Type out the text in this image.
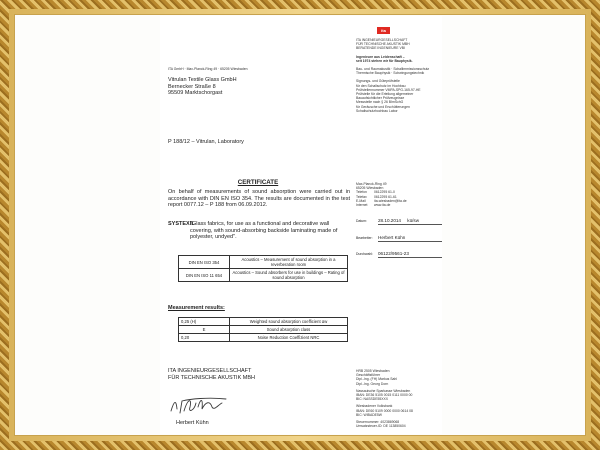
ITA GmbH · Max-Planck-Ring 49 · 65205 Wiesbaden
Vitrulan Textile Glass GmbH
Bernecker Straße 8
95509 Marktschorgast
P 188/12 – Vitrulan, Laboratory
ita
ITA INGENIEURGESELLSCHAFT
FÜR TECHNISCHE AKUSTIK MBH
BERATENDE INGENIEURE VBI
Ingenieure aus Leidenschaft –
seit 1974 stehen wir für Bauphysik.
Bau- und Raumakustik · Schallimmissionsschutz
Thermische Bauphysik · Schwingungstechnik
Signungs- und Güteprüfstelle
für den Schallschutz im Hochbau
Prüfstellennummer VMPA-SPG-165-97-HE
Prüfstelle für die Erteilung allgemeiner
Bauaufsichtlicher Prüfzeugnisse
Messstelle nach § 26 BImSchG
für Geräusche und Erschütterungen
Schallschutzhochbau Labor
Max-Planck-Ring 49
65205 Wiesbaden
Telefon 0612295 61-0
Telefax 0612295 61-61
E-Mail ita-wiesbaden@ita.de
Internet www.ita.de
Datum: 28.10.2014 kü/sw
Bearbeiter: Herbert Kühn
Durchwahl: 06122/9561-23
CERTIFICATE
On behalf of measurements of sound absorption were carried out in accordance with DIN EN ISO 354. The results are documented in the test report 0077.12 – P 188 from 06.09.2012.
SYSTEXIL
"Glass fabrics, for use as a functional and decorative wall covering, with sound-absorbing backside laminating made of polyester, undyed".
DIN EN ISO 354	Acoustics – Measurement of sound absorption in a reverberation room
DIN EN ISO 11 654	Acoustics – Sound absorbers for use in buildings – Rating of sound absorption
Measurement results:
0,25 (H)	Weighted sound absorption coefficient αw
E	Sound absorption class
0,20	Noise Reduction Coeffizient NRC
ITA INGENIEURGESELLSCHAFT
FÜR TECHNISCHE AKUSTIK MBH
Herbert Kühn
HRB 2505 Wiesbaden
Geschäftsführer
Dipl.-Ing. (FH) Markus Sahl
Dipl.-Ing. Georg Dorn
Nassauische Sparkasse Wiesbaden
IBAN: DE36 5105 0015 0111 0000 00
BIC: NASSDE55XXX
Wiesbadener Volksbank
IBAN: DE60 5109 0000 0000 0614 08
BIC: WIBADE5W
Steuernummer: 4023869068
Umsatzsteuer-ID: DE 113850604
